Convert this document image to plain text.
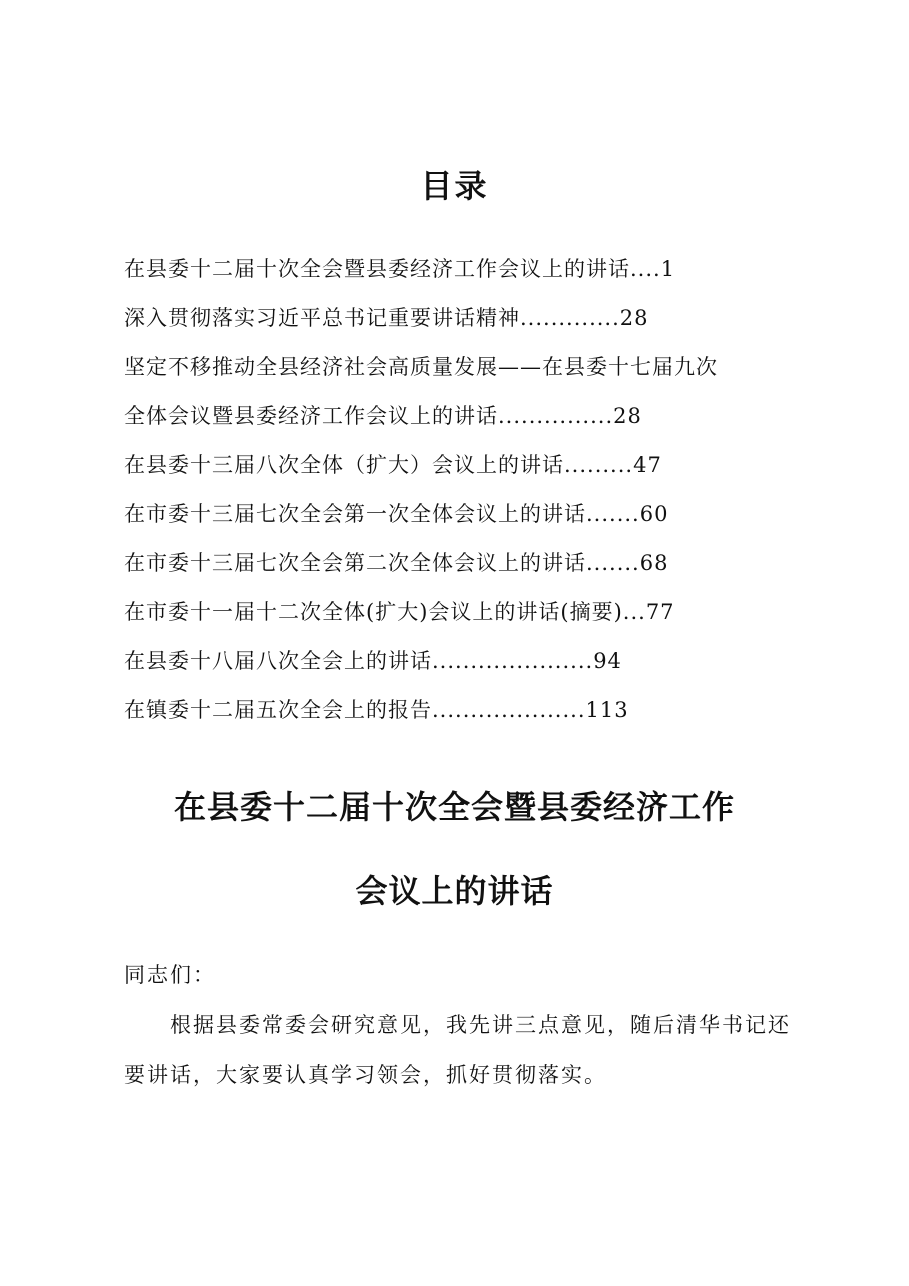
目录
在县委十二届十次全会暨县委经济工作会议上的讲话....1
深入贯彻落实习近平总书记重要讲话精神.............28
坚定不移推动全县经济社会高质量发展——在县委十七届九次
全体会议暨县委经济工作会议上的讲话...............28
在县委十三届八次全体（扩大）会议上的讲话.........47
在市委十三届七次全会第一次全体会议上的讲话.......60
在市委十三届七次全会第二次全体会议上的讲话.......68
在市委十一届十二次全体(扩大)会议上的讲话(摘要)...77
在县委十八届八次全会上的讲话.....................94
在镇委十二届五次全会上的报告....................113
在县委十二届十次全会暨县委经济工作
会议上的讲话
同志们：
根据县委常委会研究意见，我先讲三点意见，随后清华书记还要讲话，大家要认真学习领会，抓好贯彻落实。
